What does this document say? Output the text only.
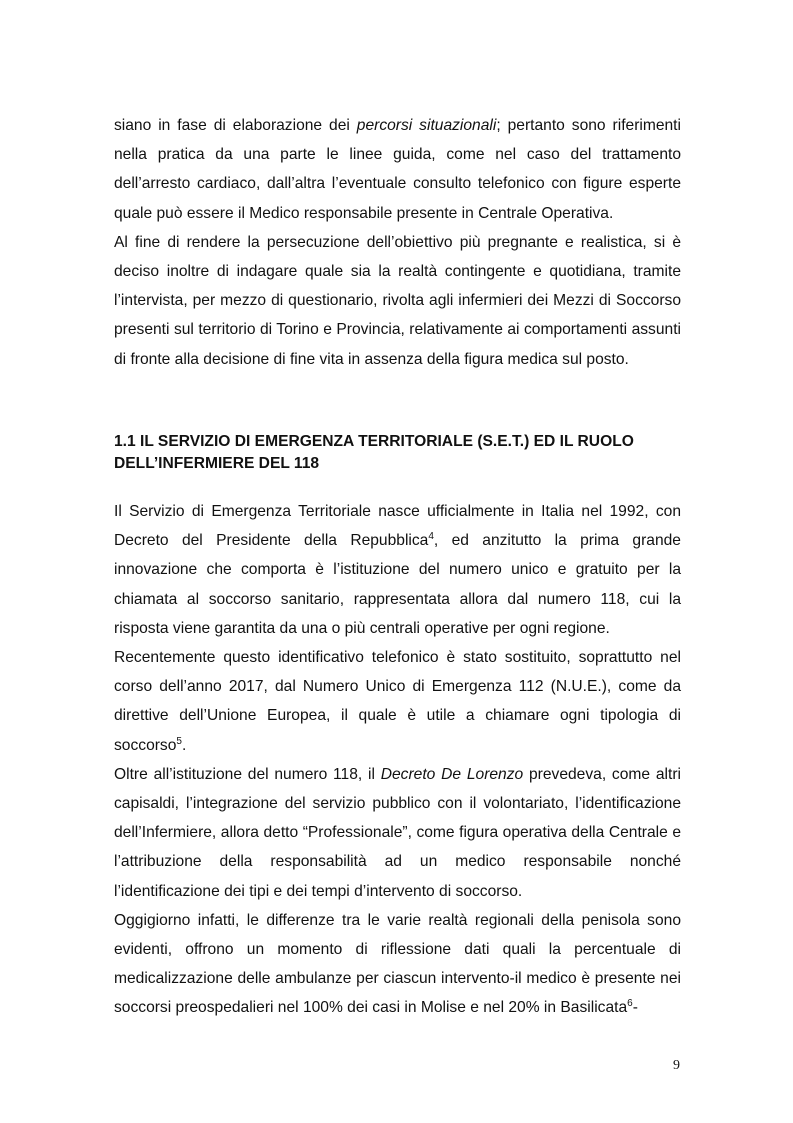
siano in fase di elaborazione dei percorsi situazionali; pertanto sono riferimenti nella pratica da una parte le linee guida, come nel caso del trattamento dell’arresto cardiaco, dall’altra l’eventuale consulto telefonico con figure esperte quale può essere il Medico responsabile presente in Centrale Operativa.

Al fine di rendere la persecuzione dell’obiettivo più pregnante e realistica, si è deciso inoltre di indagare quale sia la realtà contingente e quotidiana, tramite l’intervista, per mezzo di questionario, rivolta agli infermieri dei Mezzi di Soccorso presenti sul territorio di Torino e Provincia, relativamente ai comportamenti assunti di fronte alla decisione di fine vita in assenza della figura medica sul posto.

1.1 IL SERVIZIO DI EMERGENZA TERRITORIALE (S.E.T.) ED IL RUOLO
DELL’INFERMIERE DEL 118

Il Servizio di Emergenza Territoriale nasce ufficialmente in Italia nel 1992, con Decreto del Presidente della Repubblica$^4$, ed anzitutto la prima grande innovazione che comporta è l’istituzione del numero unico e gratuito per la chiamata al soccorso sanitario, rappresentata allora dal numero 118, cui la risposta viene garantita da una o più centrali operative per ogni regione.

Recentemente questo identificativo telefonico è stato sostituito, soprattutto nel corso dell’anno 2017, dal Numero Unico di Emergenza 112 (N.U.E.), come da direttive dell’Unione Europea, il quale è utile a chiamare ogni tipologia di soccorso$^5$.

Oltre all’istituzione del numero 118, il Decreto De Lorenzo prevedeva, come altri capisaldi, l’integrazione del servizio pubblico con il volontariato, l’identificazione dell’Infermiere, allora detto “Professionale”, come figura operativa della Centrale e l’attribuzione della responsabilità ad un medico responsabile nonché l’identificazione dei tipi e dei tempi d’intervento di soccorso.

Oggigiorno infatti, le differenze tra le varie realtà regionali della penisola sono evidenti, offrono un momento di riflessione dati quali la percentuale di medicalizzazione delle ambulanze per ciascun intervento-il medico è presente nei soccorsi preospedalieri nel 100% dei casi in Molise e nel 20% in Basilicata$^6$-

9
